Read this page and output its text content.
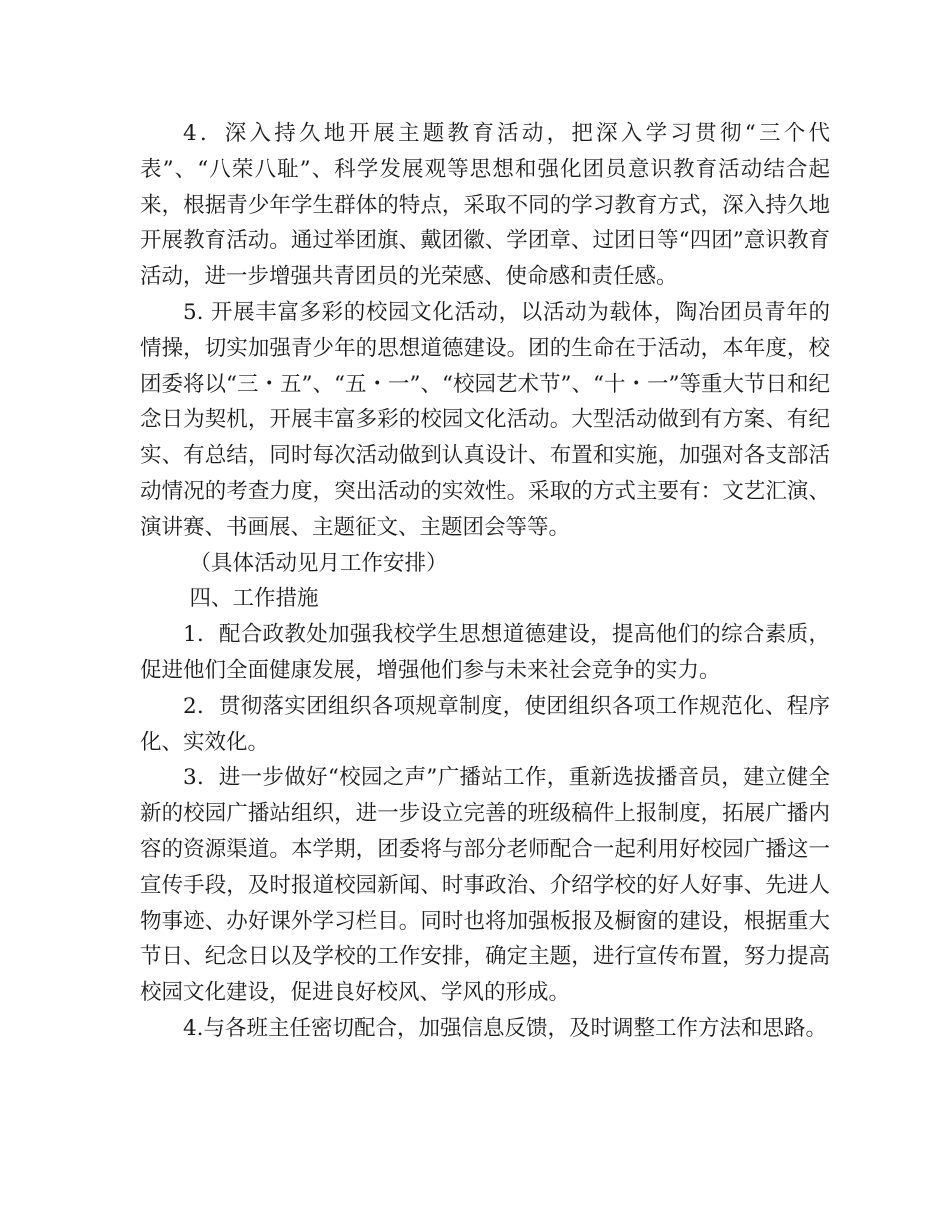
4．深入持久地开展主题教育活动，把深入学习贯彻“三个代表”、“八荣八耻”、科学发展观等思想和强化团员意识教育活动结合起来，根据青少年学生群体的特点，采取不同的学习教育方式，深入持久地开展教育活动。通过举团旗、戴团徽、学团章、过团日等“四团”意识教育活动，进一步增强共青团员的光荣感、使命感和责任感。

5. 开展丰富多彩的校园文化活动，以活动为载体，陶冶团员青年的情操，切实加强青少年的思想道德建设。团的生命在于活动，本年度，校团委将以“三・五”、“五・一”、“校园艺术节”、“十・一”等重大节日和纪念日为契机，开展丰富多彩的校园文化活动。大型活动做到有方案、有纪实、有总结，同时每次活动做到认真设计、布置和实施，加强对各支部活动情况的考查力度，突出活动的实效性。采取的方式主要有：文艺汇演、演讲赛、书画展、主题征文、主题团会等等。

（具体活动见月工作安排）

四、工作措施

1．配合政教处加强我校学生思想道德建设，提高他们的综合素质，促进他们全面健康发展，增强他们参与未来社会竞争的实力。

2．贯彻落实团组织各项规章制度，使团组织各项工作规范化、程序化、实效化。

3．进一步做好“校园之声”广播站工作，重新选拔播音员，建立健全新的校园广播站组织，进一步设立完善的班级稿件上报制度，拓展广播内容的资源渠道。本学期，团委将与部分老师配合一起利用好校园广播这一宣传手段，及时报道校园新闻、时事政治、介绍学校的好人好事、先进人物事迹、办好课外学习栏目。同时也将加强板报及橱窗的建设，根据重大节日、纪念日以及学校的工作安排，确定主题，进行宣传布置，努力提高校园文化建设，促进良好校风、学风的形成。

4.与各班主任密切配合，加强信息反馈，及时调整工作方法和思路。
